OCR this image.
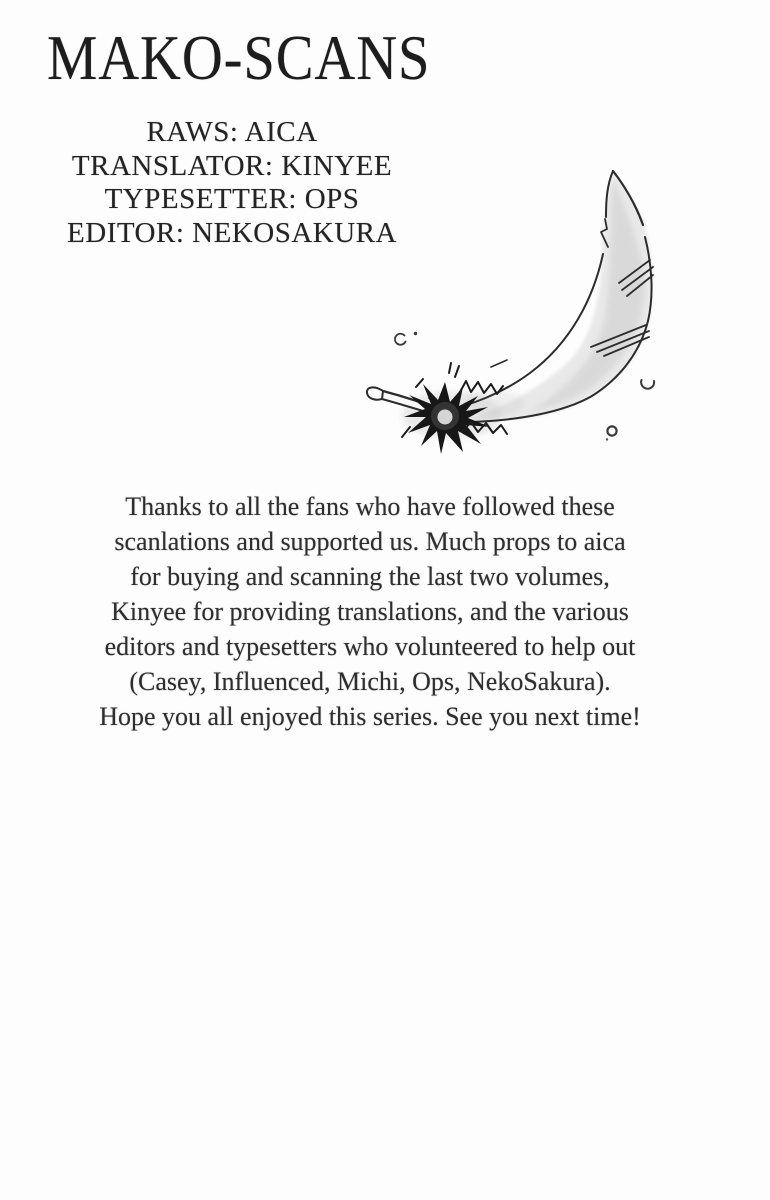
MAKO-SCANS
RAWS: AICA
TRANSLATOR: KINYEE
TYPESETTER: OPS
EDITOR: NEKOSAKURA
Thanks to all the fans who have followed these
scanlations and supported us. Much props to aica
for buying and scanning the last two volumes,
Kinyee for providing translations, and the various
editors and typesetters who volunteered to help out
(Casey, Influenced, Michi, Ops, NekoSakura).
Hope you all enjoyed this series. See you next time!
